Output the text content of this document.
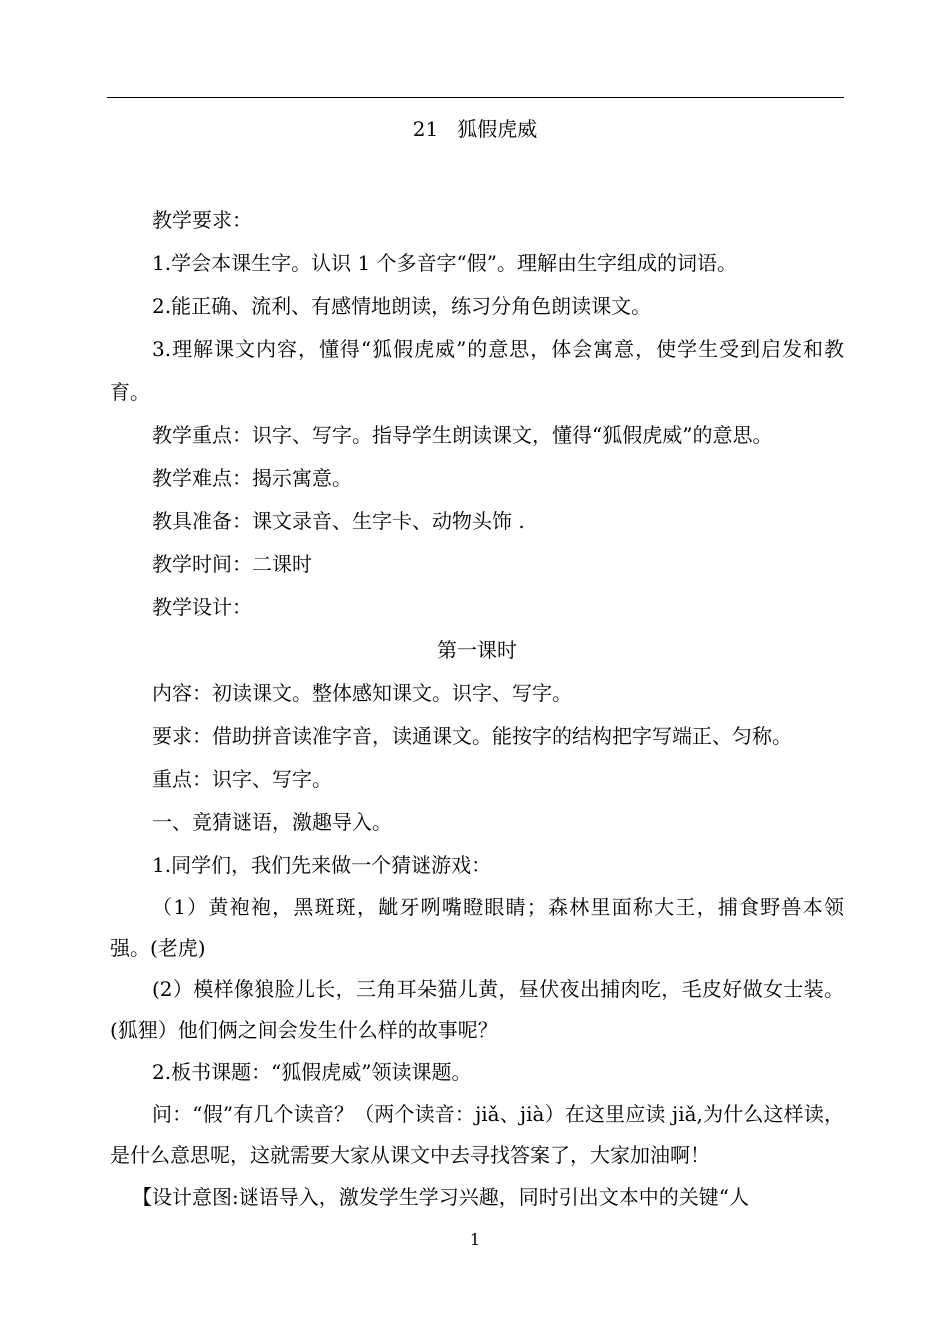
21   狐假虎威

教学要求：

1.学会本课生字。认识 1 个多音字“假”。理解由生字组成的词语。

2.能正确、流利、有感情地朗读，练习分角色朗读课文。

3.理解课文内容，懂得“狐假虎威”的意思，体会寓意，使学生受到启发和教育。

教学重点：识字、写字。指导学生朗读课文，懂得“狐假虎威”的意思。

教学难点：揭示寓意。

教具准备：课文录音、生字卡、动物头饰 .

教学时间：二课时

教学设计：

第一课时

内容：初读课文。整体感知课文。识字、写字。

要求：借助拼音读准字音，读通课文。能按字的结构把字写端正、匀称。

重点：识字、写字。

一、竟猜谜语，激趣导入。

1.同学们，我们先来做一个猜谜游戏：

（1）黄袍袍，黑斑斑，龇牙咧嘴瞪眼睛；森林里面称大王，捕食野兽本领强。(老虎)

(2）模样像狼脸儿长，三角耳朵猫儿黄，昼伏夜出捕肉吃，毛皮好做女士装。(狐狸）他们俩之间会发生什么样的故事呢？

2.板书课题：“狐假虎威”领读课题。

问：“假”有几个读音？（两个读音：jiǎ、jià）在这里应读 jiǎ,为什么这样读，是什么意思呢，这就需要大家从课文中去寻找答案了，大家加油啊！

【设计意图:谜语导入，激发学生学习兴趣，同时引出文本中的关键“人

1
